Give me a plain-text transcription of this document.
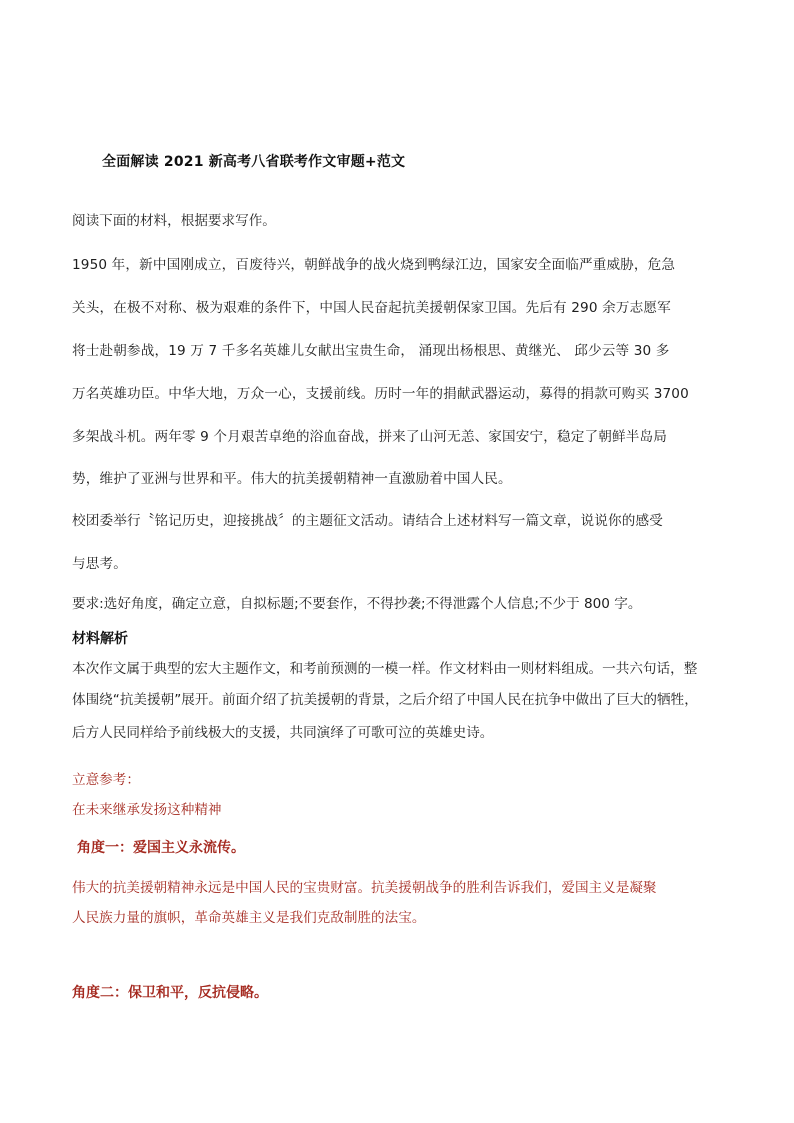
全面解读 2021 新高考八省联考作文审题+范文
阅读下面的材料，根据要求写作。
1950 年，新中国刚成立，百废待兴，朝鲜战争的战火烧到鸭绿江边，国家安全面临严重威胁，危急
关头，在极不对称、极为艰难的条件下，中国人民奋起抗美援朝保家卫国。先后有 290 余万志愿军
将士赴朝参战，19 万 7 千多名英雄儿女献出宝贵生命， 涌现出杨根思、黄继光、 邱少云等 30 多
万名英雄功臣。中华大地，万众一心，支援前线。历时一年的捐献武器运动，募得的捐款可购买 3700
多架战斗机。两年零 9 个月艰苦卓绝的浴血奋战，拼来了山河无恙、家国安宁，稳定了朝鲜半岛局
势，维护了亚洲与世界和平。伟大的抗美援朝精神一直激励着中国人民。
校团委举行〝铭记历史，迎接挑战〞的主题征文活动。请结合上述材料写一篇文章，说说你的感受
与思考。
要求:选好角度，确定立意，自拟标题;不要套作，不得抄袭;不得泄露个人信息;不少于 800 字。
材料解析
本次作文属于典型的宏大主题作文，和考前预测的一模一样。作文材料由一则材料组成。一共六句话，整
体围绕“抗美援朝”展开。前面介绍了抗美援朝的背景，之后介绍了中国人民在抗争中做出了巨大的牺牲，
后方人民同样给予前线极大的支援，共同演绎了可歌可泣的英雄史诗。
立意参考：
在未来继承发扬这种精神
角度一：爱国主义永流传。
伟大的抗美援朝精神永远是中国人民的宝贵财富。抗美援朝战争的胜利告诉我们，爱国主义是凝聚
人民族力量的旗帜，革命英雄主义是我们克敌制胜的法宝。
角度二：保卫和平，反抗侵略。
